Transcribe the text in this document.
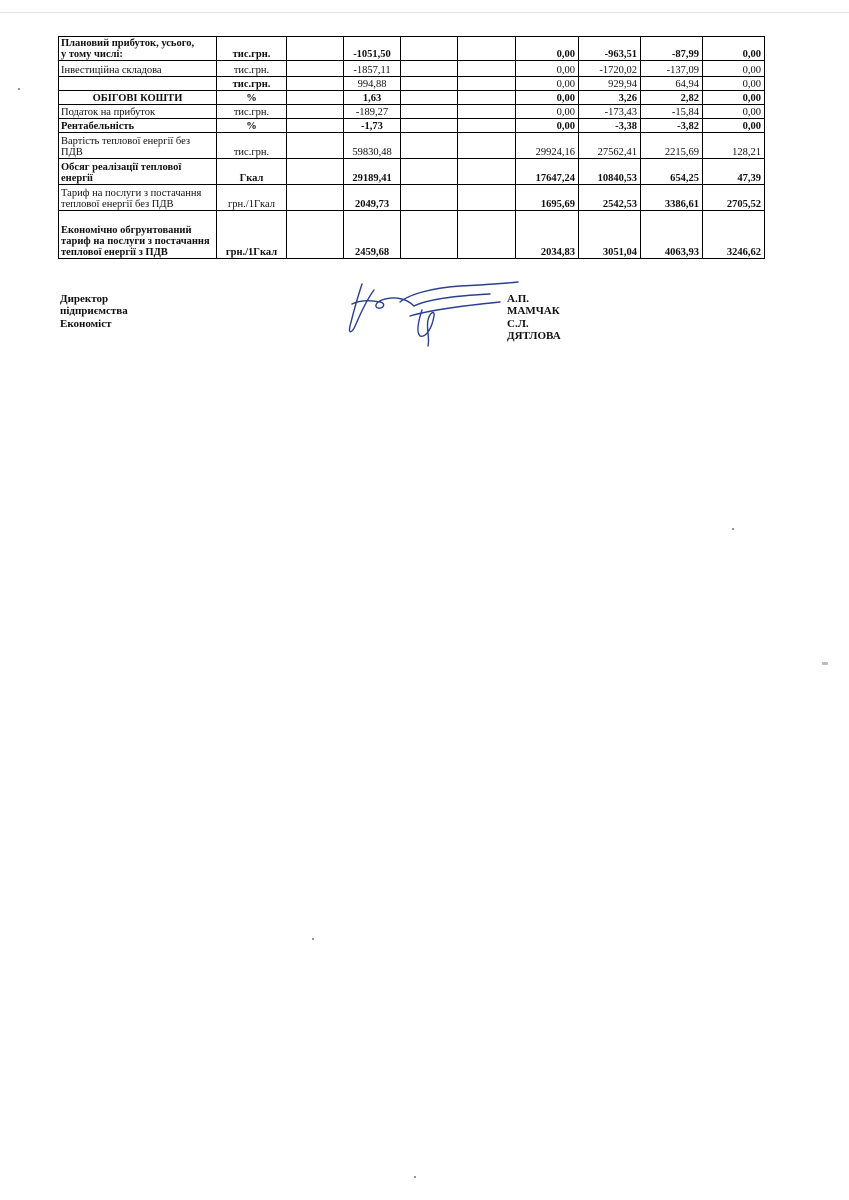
Плановий прибуток, усього,
у тому числі:	тис.грн.		-1051,50			0,00	-963,51	-87,99	0,00
Інвестиційна складова	тис.грн.		-1857,11			0,00	-1720,02	-137,09	0,00
	тис.грн.		994,88			0,00	929,94	64,94	0,00
ОБІГОВІ КОШТИ	%		1,63			0,00	3,26	2,82	0,00
Податок на прибуток	тис.грн.		-189,27			0,00	-173,43	-15,84	0,00
Рентабельність	%		-1,73			0,00	-3,38	-3,82	0,00
Вартість теплової енергії без
ПДВ	тис.грн.		59830,48			29924,16	27562,41	2215,69	128,21
Обсяг реалізації теплової
енергії	Гкал		29189,41			17647,24	10840,53	654,25	47,39
Тариф на послуги з постачання
теплової енергії без ПДВ	грн./1Гкал		2049,73			1695,69	2542,53	3386,61	2705,52
Економічно обгрунтований
тариф на послуги з постачання
теплової енергії з ПДВ	грн./1Гкал		2459,68			2034,83	3051,04	4063,93	3246,62
Директор підприємства
А.П. МАМЧАК
Економіст	С.Л. ДЯТЛОВА
